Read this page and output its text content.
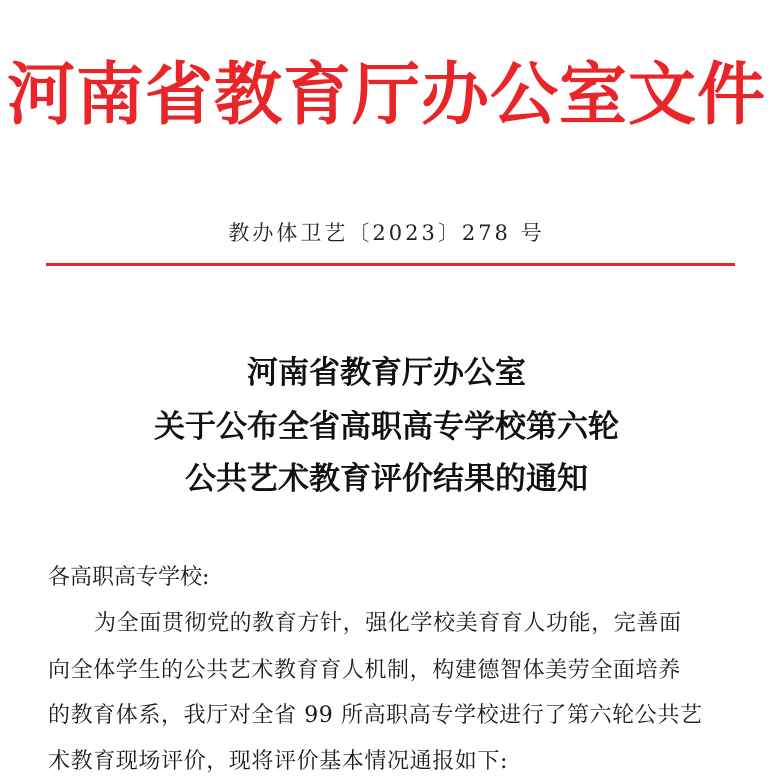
河南省教育厅办公室文件
教办体卫艺〔2023〕278 号
河南省教育厅办公室
关于公布全省高职高专学校第六轮
公共艺术教育评价结果的通知
各高职高专学校:
为全面贯彻党的教育方针，强化学校美育育人功能，完善面
向全体学生的公共艺术教育育人机制，构建德智体美劳全面培养
的教育体系，我厅对全省 99 所高职高专学校进行了第六轮公共艺
术教育现场评价，现将评价基本情况通报如下:
